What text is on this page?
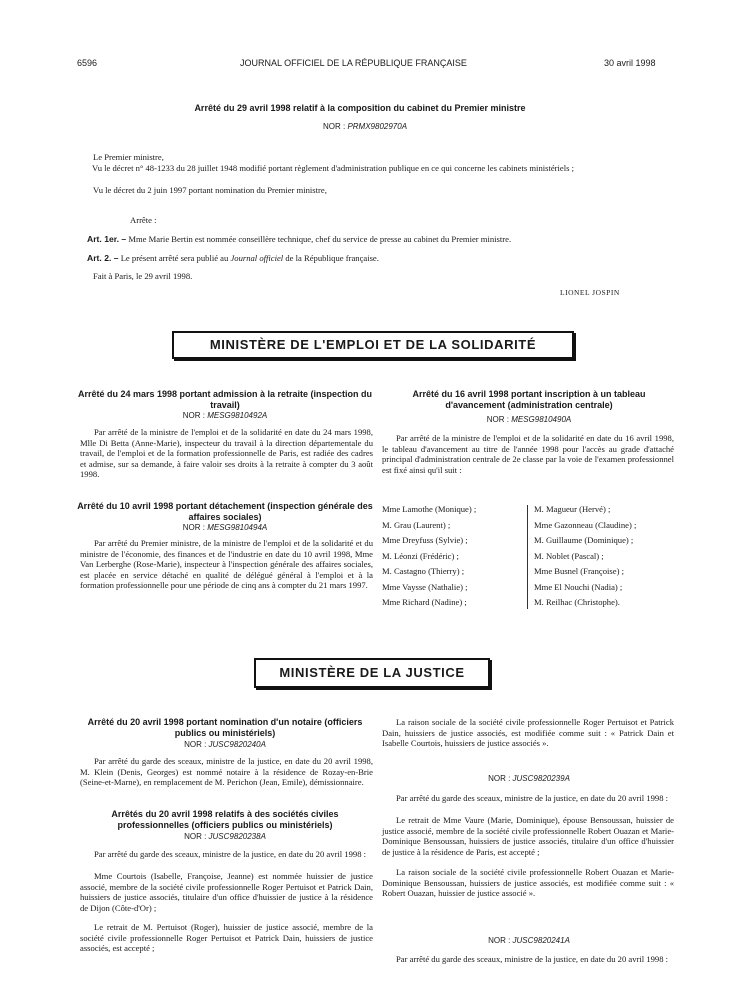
6596	JOURNAL OFFICIEL DE LA RÉPUBLIQUE FRANÇAISE	30 avril 1998
Arrêté du 29 avril 1998 relatif à la composition du cabinet du Premier ministre
NOR : PRMX9802970A

Le Premier ministre,

Vu le décret n° 48-1233 du 28 juillet 1948 modifié portant règlement d'administration publique en ce qui concerne les cabinets ministériels ;

Vu le décret du 2 juin 1997 portant nomination du Premier ministre,

Arrête :

Art. 1er. – Mme Marie Bertin est nommée conseillère technique, chef du service de presse au cabinet du Premier ministre.

Art. 2. – Le présent arrêté sera publié au Journal officiel de la République française.

Fait à Paris, le 29 avril 1998.

LIONEL JOSPIN
MINISTÈRE DE L'EMPLOI ET DE LA SOLIDARITÉ
Arrêté du 24 mars 1998 portant admission à la retraite (inspection du travail)
NOR : MESG9810492A

Par arrêté de la ministre de l'emploi et de la solidarité en date du 24 mars 1998, Mlle Di Betta (Anne-Marie), inspecteur du travail à la direction départementale du travail, de l'emploi et de la formation professionnelle de Paris, est radiée des cadres et admise, sur sa demande, à faire valoir ses droits à la retraite à compter du 3 août 1998.

Arrêté du 10 avril 1998 portant détachement (inspection générale des affaires sociales)
NOR : MESG9810494A

Par arrêté du Premier ministre, de la ministre de l'emploi et de la solidarité et du ministre de l'économie, des finances et de l'industrie en date du 10 avril 1998, Mme Van Lerberghe (Rose-Marie), inspecteur à l'inspection générale des affaires sociales, est placée en service détaché en qualité de délégué général à l'emploi et à la formation professionnelle pour une période de cinq ans à compter du 21 mars 1997.

Arrêté du 16 avril 1998 portant inscription à un tableau d'avancement (administration centrale)
NOR : MESG9810490A

Par arrêté de la ministre de l'emploi et de la solidarité en date du 16 avril 1998, le tableau d'avancement au titre de l'année 1998 pour l'accès au grade d'attaché principal d'administration centrale de 2e classe par la voie de l'examen professionnel est fixé ainsi qu'il suit :

Mme Lamothe (Monique) ;
M. Grau (Laurent) ;
Mme Dreyfuss (Sylvie) ;
M. Léonzi (Frédéric) ;
M. Castagno (Thierry) ;
Mme Vaysse (Nathalie) ;
Mme Richard (Nadine) ;
M. Magueur (Hervé) ;
Mme Gazonneau (Claudine) ;
M. Guillaume (Dominique) ;
M. Noblet (Pascal) ;
Mme Busnel (Françoise) ;
Mme El Nouchi (Nadia) ;
M. Reilhac (Christophe).
MINISTÈRE DE LA JUSTICE
Arrêté du 20 avril 1998 portant nomination d'un notaire (officiers publics ou ministériels)
NOR : JUSC9820240A

Par arrêté du garde des sceaux, ministre de la justice, en date du 20 avril 1998, M. Klein (Denis, Georges) est nommé notaire à la résidence de Rozay-en-Brie (Seine-et-Marne), en remplacement de M. Perichon (Jean, Emile), démissionnaire.

Arrêtés du 20 avril 1998 relatifs à des sociétés civiles professionnelles (officiers publics ou ministériels)
NOR : JUSC9820238A

Par arrêté du garde des sceaux, ministre de la justice, en date du 20 avril 1998 :

Mme Courtois (Isabelle, Françoise, Jeanne) est nommée huissier de justice associé, membre de la société civile professionnelle Roger Pertuisot et Patrick Dain, huissiers de justice associés, titulaire d'un office d'huissier de justice à la résidence de Dijon (Côte-d'Or) ;

Le retrait de M. Pertuisot (Roger), huissier de justice associé, membre de la société civile professionnelle Roger Pertuisot et Patrick Dain, huissiers de justice associés, est accepté ;

La raison sociale de la société civile professionnelle Roger Pertuisot et Patrick Dain, huissiers de justice associés, est modifiée comme suit : « Patrick Dain et Isabelle Courtois, huissiers de justice associés ».

NOR : JUSC9820239A

Par arrêté du garde des sceaux, ministre de la justice, en date du 20 avril 1998 :

Le retrait de Mme Vaure (Marie, Dominique), épouse Bensoussan, huissier de justice associé, membre de la société civile professionnelle Robert Ouazan et Marie-Dominique Bensoussan, huissiers de justice associés, titulaire d'un office d'huissier de justice à la résidence de Paris, est accepté ;

La raison sociale de la société civile professionnelle Robert Ouazan et Marie-Dominique Bensoussan, huissiers de justice associés, est modifiée comme suit : « Robert Ouazan, huissier de justice associé ».

NOR : JUSC9820241A

Par arrêté du garde des sceaux, ministre de la justice, en date du 20 avril 1998 :
